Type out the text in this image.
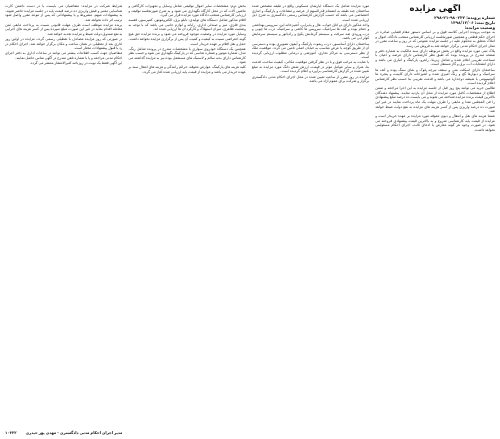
آگهی مزایده
شماره پرونده: ۹۸۰۲۴۲-۲۱-۲۹۸
تاریخ ثبت: ۱۳۹۸/۱۲/۰۶
وضعیت مزایده:

به موجب پرونده اجرایی کلاسه فوق و بر اساس دستور مقام قضایی صادره در اجرای حکم قطعی و همچنین صورتجلسه ارزیابی کارشناس منتخب دادگاه، اموال و املاک متعلق به محکوم علیه در جلسه مزایده عمومی که در روز و ساعت مقرر در محل اجرای احکام مدنی برگزار خواهد شد به فروش می رسد.

پلاک ثبتی مورد مزایده واقع در بخش مربوطه دارای سند مالکیت به شماره دفتر و صفحه مندرج در پرونده بوده که طبق نظر کارشناس دارای عرصه و اعیان با مساحت تقریبی اعلام شده و شامل زیربنا، راهرو، پارکینگ و انباری می باشد و دارای انشعابات آب، برق و گاز مستقل است.

ساختمان دارای اسکلت بتنی و سقف تیرچه بلوک و نمای سنگ بوده و کف ها سرامیک و دیوارها گچ و رنگ آمیزی شده و آشپزخانه دارای کابینت و پنجره ها آلومینیومی با شیشه دوجداره می باشد و قدمت تقریبی بنا حسب نظر کارشناس اعلام گردیده است.

طالبین خرید می توانند پنج روز قبل از جلسه مزایده به این اجرا مراجعه و ضمن اطلاع از مشخصات کامل مورد مزایده از محل آن بازدید نمایند. پیشنهاد دهندگان بالاترین قیمت برنده مزایده شناخته می شوند و می بایست ده درصد مبلغ پیشنهادی را فی المجلس نقدا و مابقی را ظرف مهلت یک ماه پرداخت نمایند در غیر این صورت ده درصد واریزی پس از کسر هزینه های مزایده به نفع دولت ضبط خواهد شد.

ضمنا هزینه های نقل و انتقال و دیون معوقه مورد مزایده بر عهده خریدار است و مزایده از قیمت پایه کارشناسی شروع و به بالاترین قیمت پیشنهادی فروخته می شود. در صورت وجود هر گونه معارض یا ادعای ثالث، اجرای احکام مسئولیتی نخواهد داشت.

مورد مزایده شامل یک دستگاه آپارتمان مسکونی واقع در طبقه مشخص شده ساختمان چند طبقه به انضمام قدرالسهم از عرصه و مشاعات و پارکینگ و انباری اختصاصی می باشد که حسب گزارش کارشناس رسمی دادگستری به شرح ذیل ارزیابی شده است.

واحد مذکور دارای دو اتاق خواب، هال و پذیرایی، آشپزخانه اپن، سرویس بهداشتی و حمام بوده و کف ها سرامیک، سرویس ها کاشی و سرامیک، درب ها چوبی و درب ورودی ضد سرقت و سیستم گرمایش پکیج و رادیاتور و سیستم سرمایش کولر آبی می باشد.

ساختمان دارای آسانسور، درب ریموت پارکینگ و آیفون تصویری بوده و دسترسی آن از طریق کوچه با عرض مناسب به خیابان اصلی تامین می گردد. موقعیت ملک از نظر دسترسی به مراکز تجاری، آموزشی و درمانی مطلوب ارزیابی گردیده است.

با عنایت به مراتب فوق و با در نظر گرفتن موقعیت مکانی، کیفیت ساخت، قدمت بنا، متراژ و سایر عوامل موثر در قیمت، ارزش شش دانگ مورد مزایده به مبلغ تعیین شده در گزارش کارشناسی برآورد و اعلام گردیده است.

مزایده در روز مقرر از ساعت تعیین شده در محل اجرای احکام مدنی دادگستری برگزار و شرکت برای عموم آزاد می باشد.

بخش دوم: مشخصات سایر اموال توقیفی شامل وسایل و تجهیزات کارگاهی و ماشین آلات که در محل کارگاه نگهداری می شود و به شرح صورتجلسه توقیف و ارزیابی کارشناس منتخب دادگاه مورد مزایده قرار می گیرد.

اقلام مذکور شامل دستگاه های تولیدی، تابلو برق، الکتروموتور، کمپرسور، قفسه بندی فلزی، میز و صندلی اداری، رایانه و لوازم جانبی می باشد که با توجه به وضعیت ظاهری، میزان استهلاک و کارکرد آن ها ارزیابی شده اند.

وسایل مورد مزایده در وضعیت موجود فروخته می شود و برنده مزایده حق هیچ گونه اعتراضی نسبت به کیفیت و کمیت آن پس از برگزاری مزایده نخواهد داشت. حمل و نقل اقلام بر عهده خریدار است.

همچنین یک دستگاه خودروی سواری با مشخصات مندرج در پرونده شامل رنگ، مدل، شماره موتور و شماره شاسی که در پارکینگ نگهداری می شود و حسب نظر کارشناس دارای بدنه سالم و لاستیک های مستعمل بوده نیز به مزایده گذاشته می شود.

کلیه هزینه های پارکینگ، عوارض معوقه، جرائم رانندگی و هزینه های انتقال سند بر عهده خریدار می باشد و مزایده از قیمت پایه ارزیابی شده آغاز می گردد.

شرایط شرکت در مزایده: متقاضیان می بایست با در دست داشتن کارت شناسایی معتبر و فیش واریزی ده درصد قیمت پایه در جلسه مزایده حاضر شوند. به پیشنهادات مبهم، مشروط و یا پیشنهاداتی که پس از موعد مقرر واصل شود ترتیب اثر داده نخواهد شد.

برنده مزایده موظف است ظرف مهلت قانونی نسبت به پرداخت مابقی ثمن معامله اقدام نماید در غیر این صورت مبلغ سپرده پس از کسر هزینه های اجرایی به نفع صندوق دولت ضبط و مزایده تجدید خواهد شد.

در صورتی که روز مزایده مصادف با تعطیلی رسمی گردد، مزایده در اولین روز اداری بعد از تعطیلی در همان ساعت و مکان برگزار خواهد شد. اجرای احکام در رد یا قبول پیشنهادات مختار است.

متقاضیان جهت کسب اطلاعات بیشتر می توانند در ساعات اداری به دفتر اجرای احکام مدنی مراجعه و یا با شماره تلفن مندرج در آگهی تماس حاصل نمایند.

این آگهی فقط یک نوبت در روزنامه کثیرالانتشار منتشر می گردد.

مدیر اجرای احکام مدنی دادگستری - مهدی پور حیدری
۱۰۳۲۲
